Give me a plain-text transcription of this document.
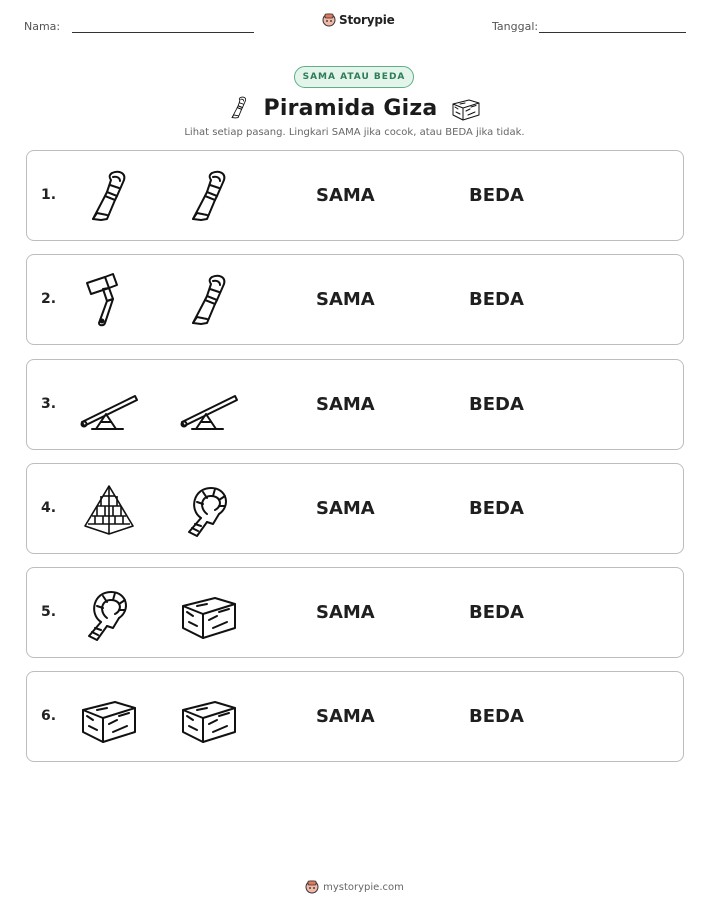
Nama:	Storypie	Tanggal:
SAMA ATAU BEDA
Piramida Giza
Lihat setiap pasang. Lingkari SAMA jika cocok, atau BEDA jika tidak.
1.	SAMA	BEDA
2.	SAMA	BEDA
3.	SAMA	BEDA
4.	SAMA	BEDA
5.	SAMA	BEDA
6.	SAMA	BEDA
mystorypie.com
